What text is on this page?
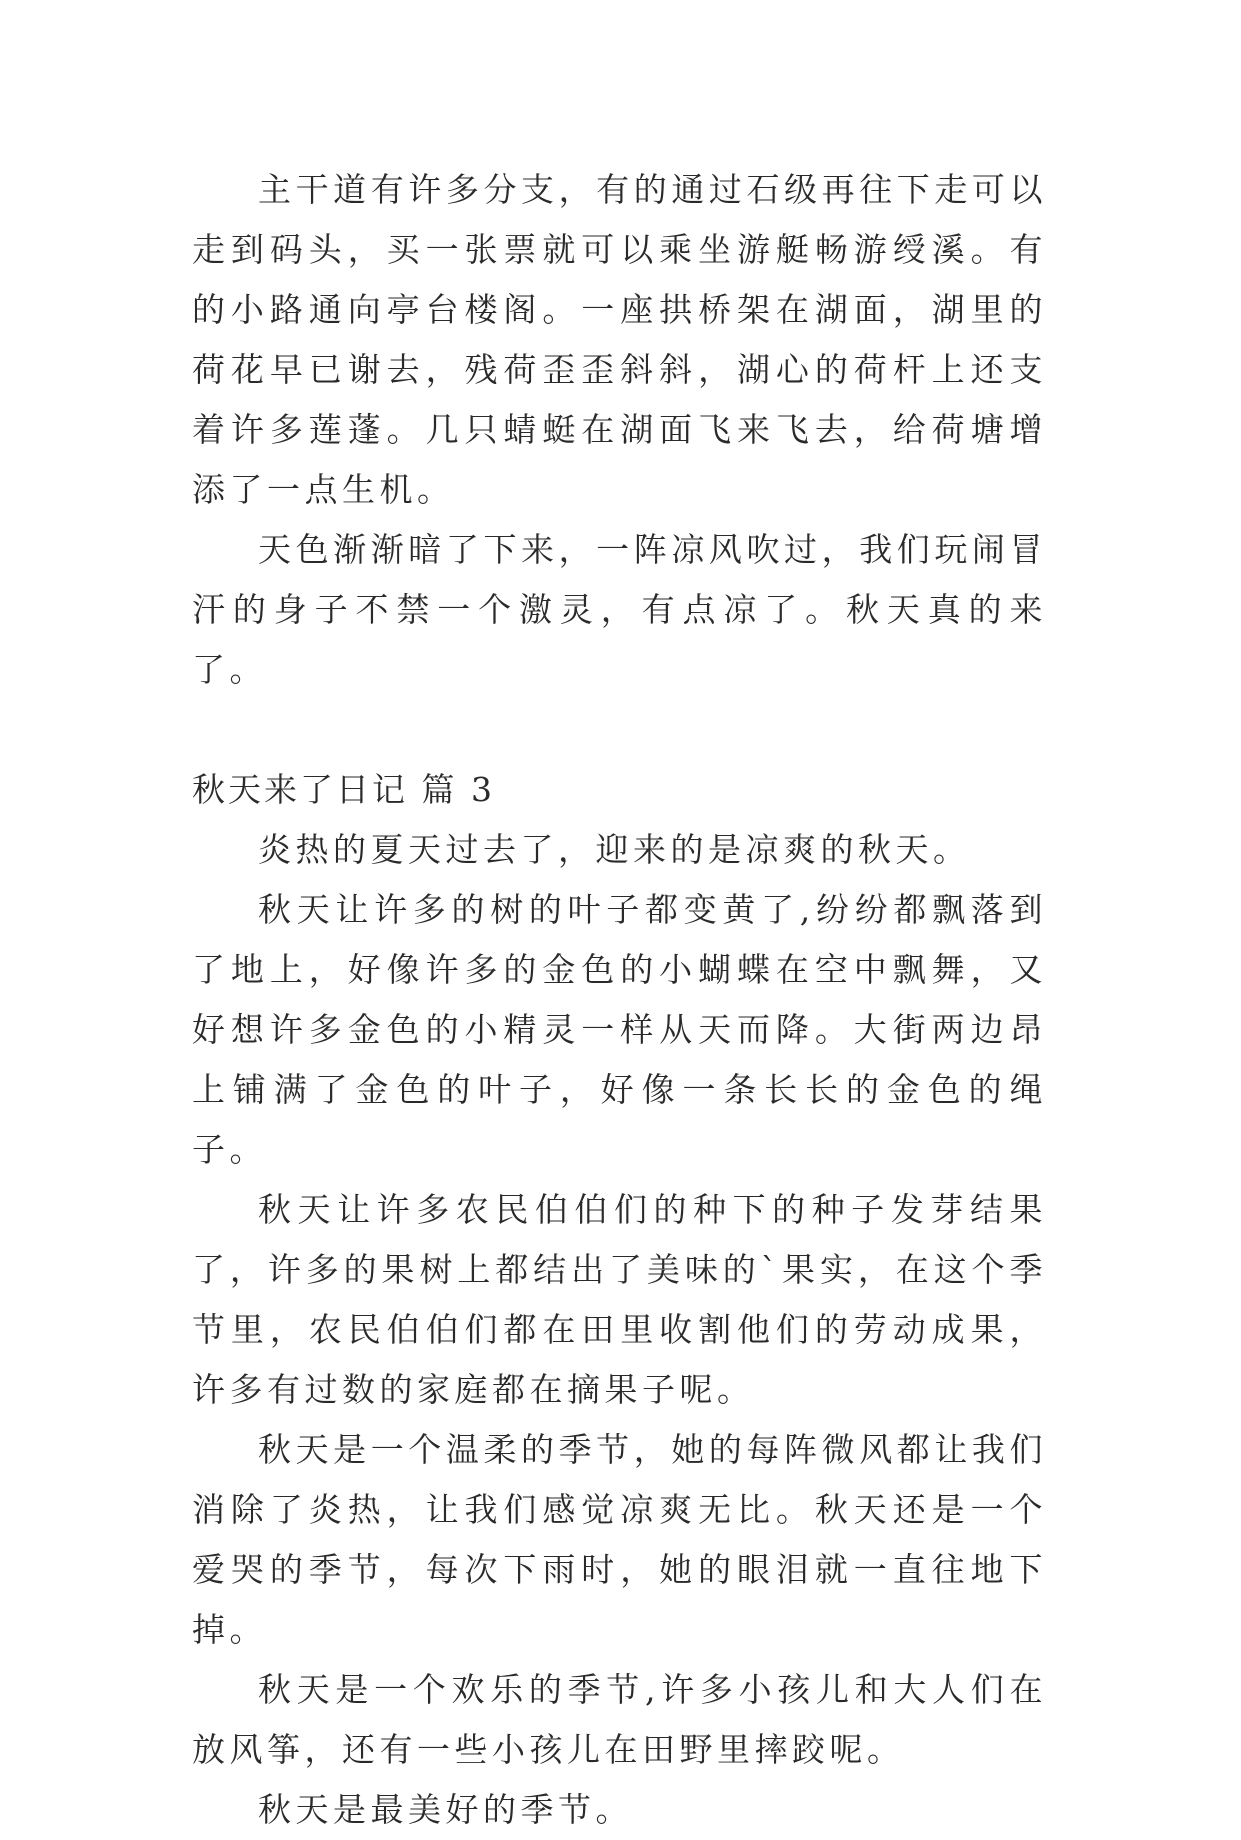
主干道有许多分支，有的通过石级再往下走可以走到码头，买一张票就可以乘坐游艇畅游绶溪。有的小路通向亭台楼阁。一座拱桥架在湖面，湖里的荷花早已谢去，残荷歪歪斜斜，湖心的荷杆上还支着许多莲蓬。几只蜻蜓在湖面飞来飞去，给荷塘增添了一点生机。

天色渐渐暗了下来，一阵凉风吹过，我们玩闹冒汗的身子不禁一个激灵，有点凉了。秋天真的来了。

秋天来了日记 篇 3

炎热的夏天过去了，迎来的是凉爽的秋天。

秋天让许多的树的叶子都变黄了,纷纷都飘落到了地上，好像许多的金色的小蝴蝶在空中飘舞，又好想许多金色的小精灵一样从天而降。大街两边昂上铺满了金色的叶子，好像一条长长的金色的绳子。

秋天让许多农民伯伯们的种下的种子发芽结果了，许多的果树上都结出了美味的`果实，在这个季节里，农民伯伯们都在田里收割他们的劳动成果，许多有过数的家庭都在摘果子呢。

秋天是一个温柔的季节，她的每阵微风都让我们消除了炎热，让我们感觉凉爽无比。秋天还是一个爱哭的季节，每次下雨时，她的眼泪就一直往地下掉。

秋天是一个欢乐的季节,许多小孩儿和大人们在放风筝，还有一些小孩儿在田野里摔跤呢。

秋天是最美好的季节。
